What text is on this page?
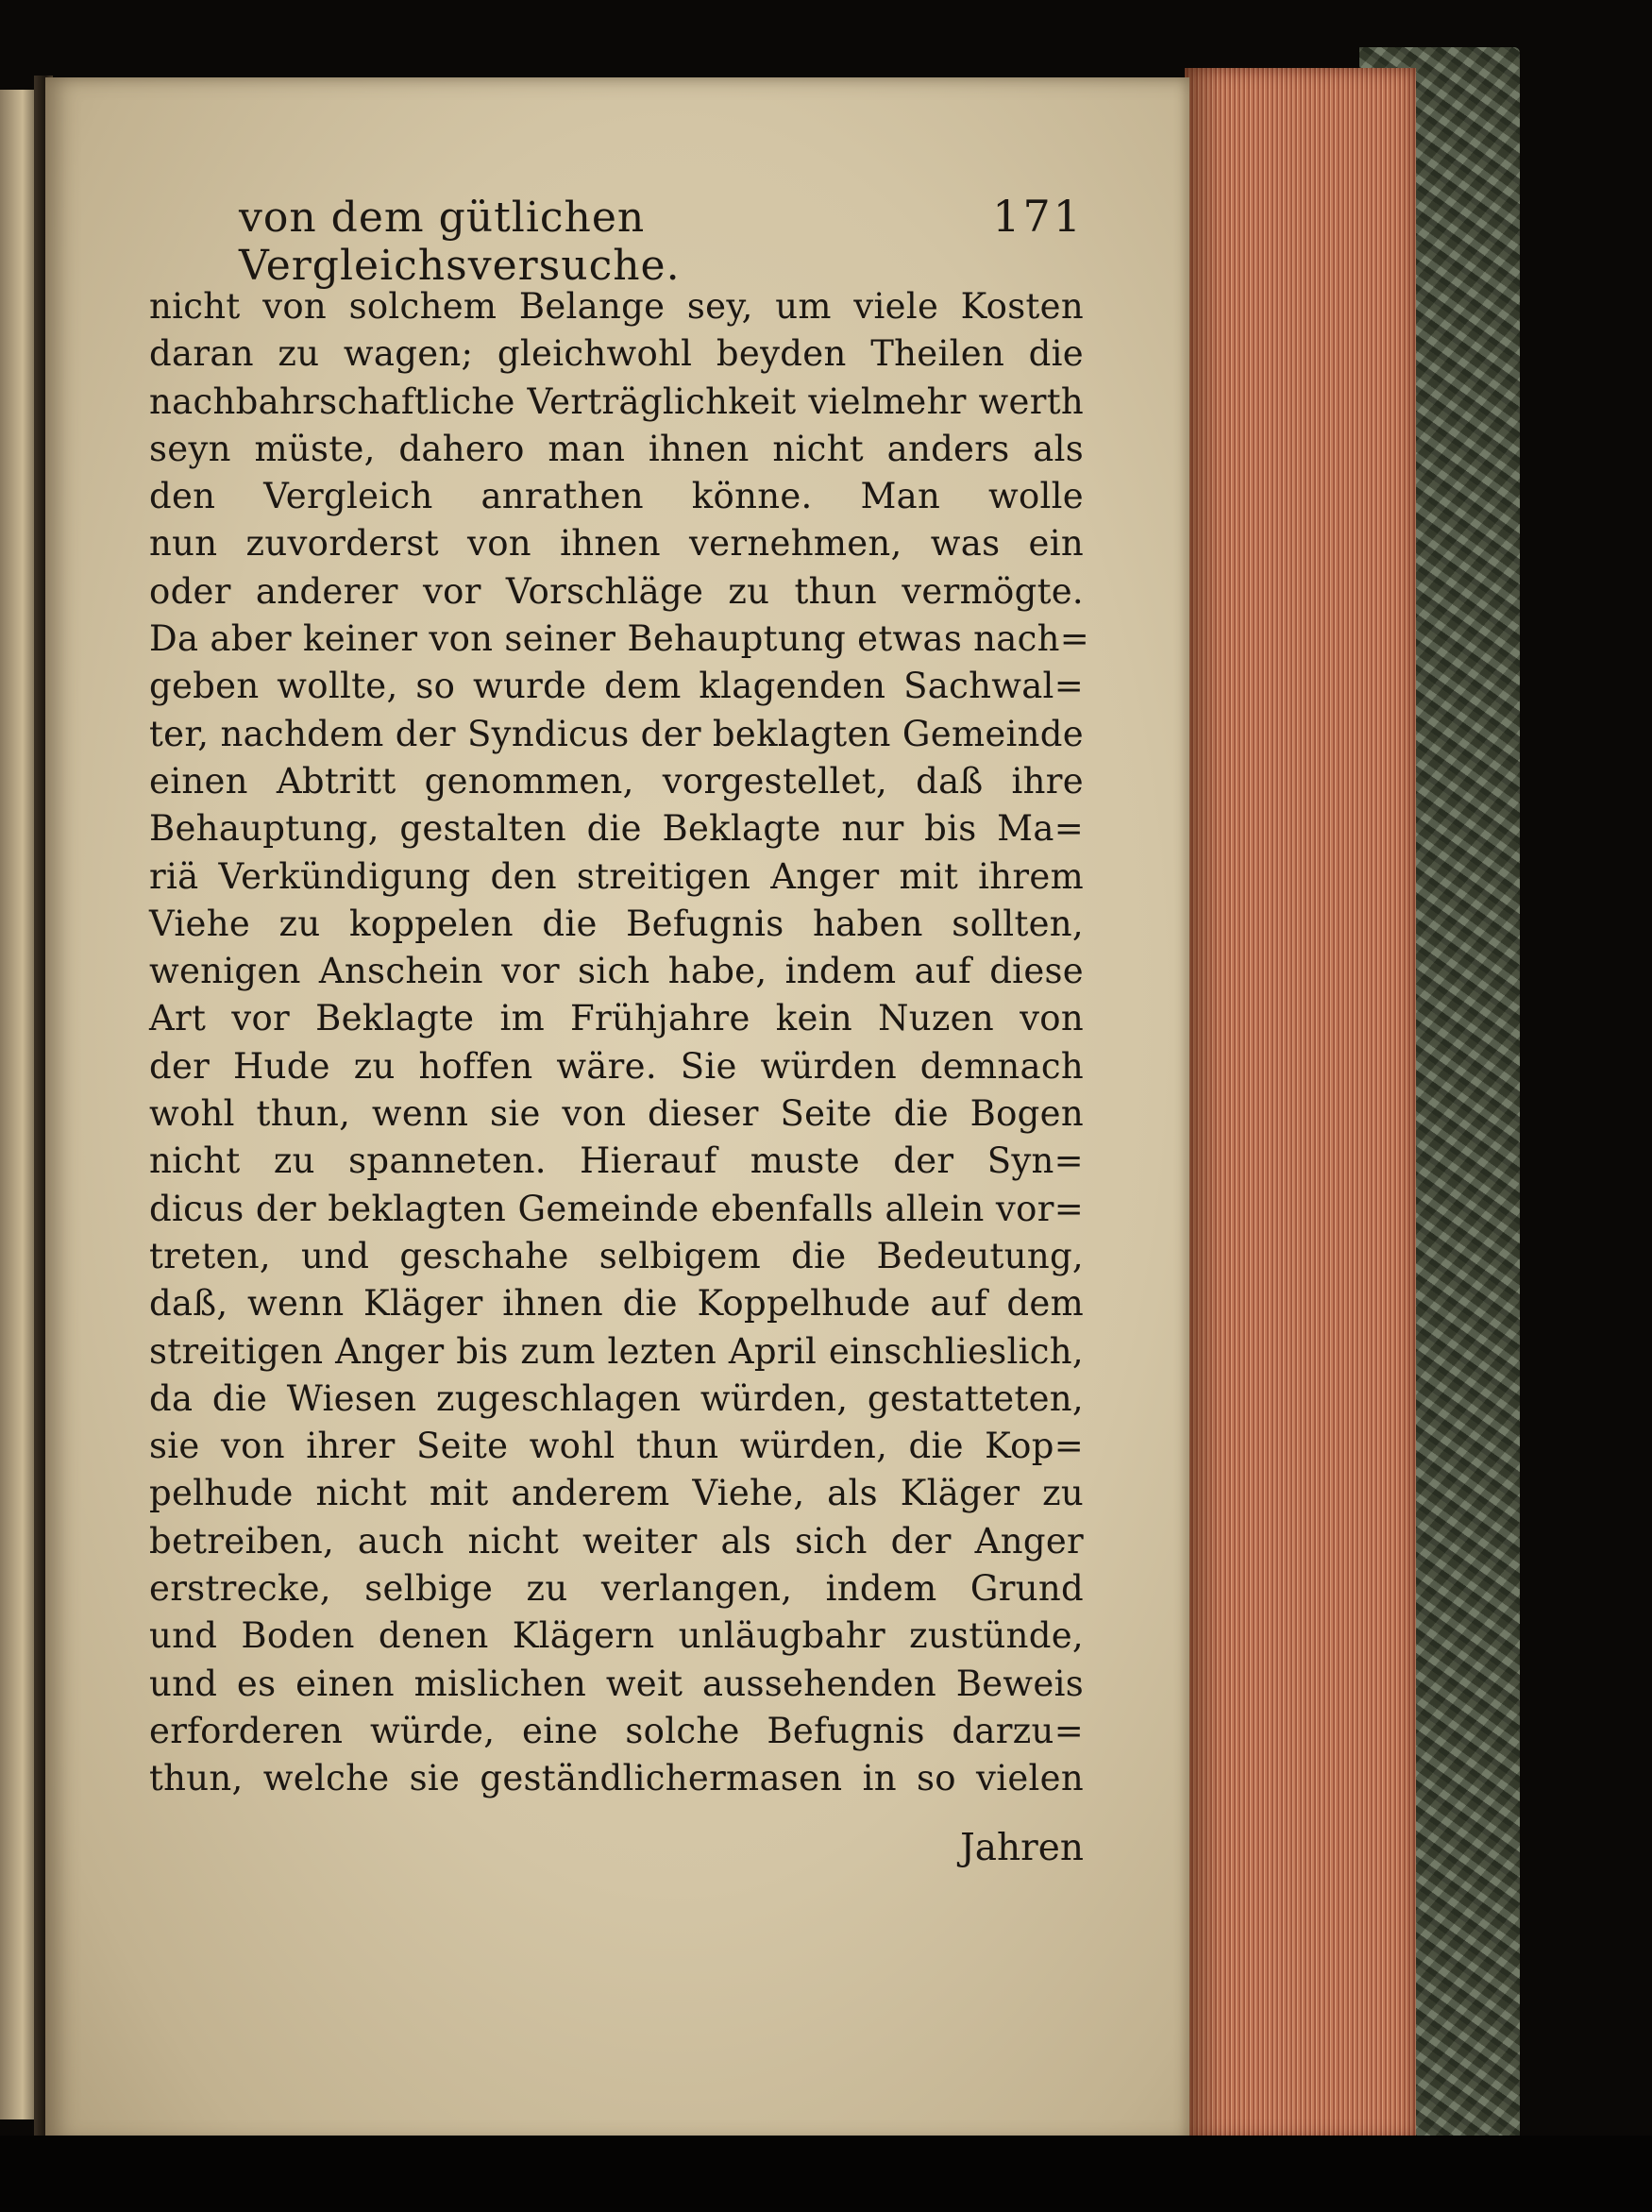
von dem gütlichen Vergleichsversuche.
171
nicht von solchem Belange sey, um viele Kosten
daran zu wagen; gleichwohl beyden Theilen die
nachbahrschaftliche Verträglichkeit vielmehr werth
seyn müste, dahero man ihnen nicht anders als
den Vergleich anrathen könne. Man wolle
nun zuvorderst von ihnen vernehmen, was ein
oder anderer vor Vorschläge zu thun vermögte.
Da aber keiner von seiner Behauptung etwas nach=
geben wollte, so wurde dem klagenden Sachwal=
ter, nachdem der Syndicus der beklagten Gemeinde
einen Abtritt genommen, vorgestellet, daß ihre
Behauptung, gestalten die Beklagte nur bis Ma=
riä Verkündigung den streitigen Anger mit ihrem
Viehe zu koppelen die Befugnis haben sollten,
wenigen Anschein vor sich habe, indem auf diese
Art vor Beklagte im Frühjahre kein Nuzen von
der Hude zu hoffen wäre. Sie würden demnach
wohl thun, wenn sie von dieser Seite die Bogen
nicht zu spanneten. Hierauf muste der Syn=
dicus der beklagten Gemeinde ebenfalls allein vor=
treten, und geschahe selbigem die Bedeutung,
daß, wenn Kläger ihnen die Koppelhude auf dem
streitigen Anger bis zum lezten April einschlieslich,
da die Wiesen zugeschlagen würden, gestatteten,
sie von ihrer Seite wohl thun würden, die Kop=
pelhude nicht mit anderem Viehe, als Kläger zu
betreiben, auch nicht weiter als sich der Anger
erstrecke, selbige zu verlangen, indem Grund
und Boden denen Klägern unläugbahr zustünde,
und es einen mislichen weit aussehenden Beweis
erforderen würde, eine solche Befugnis darzu=
thun, welche sie geständlichermasen in so vielen
Jahren
